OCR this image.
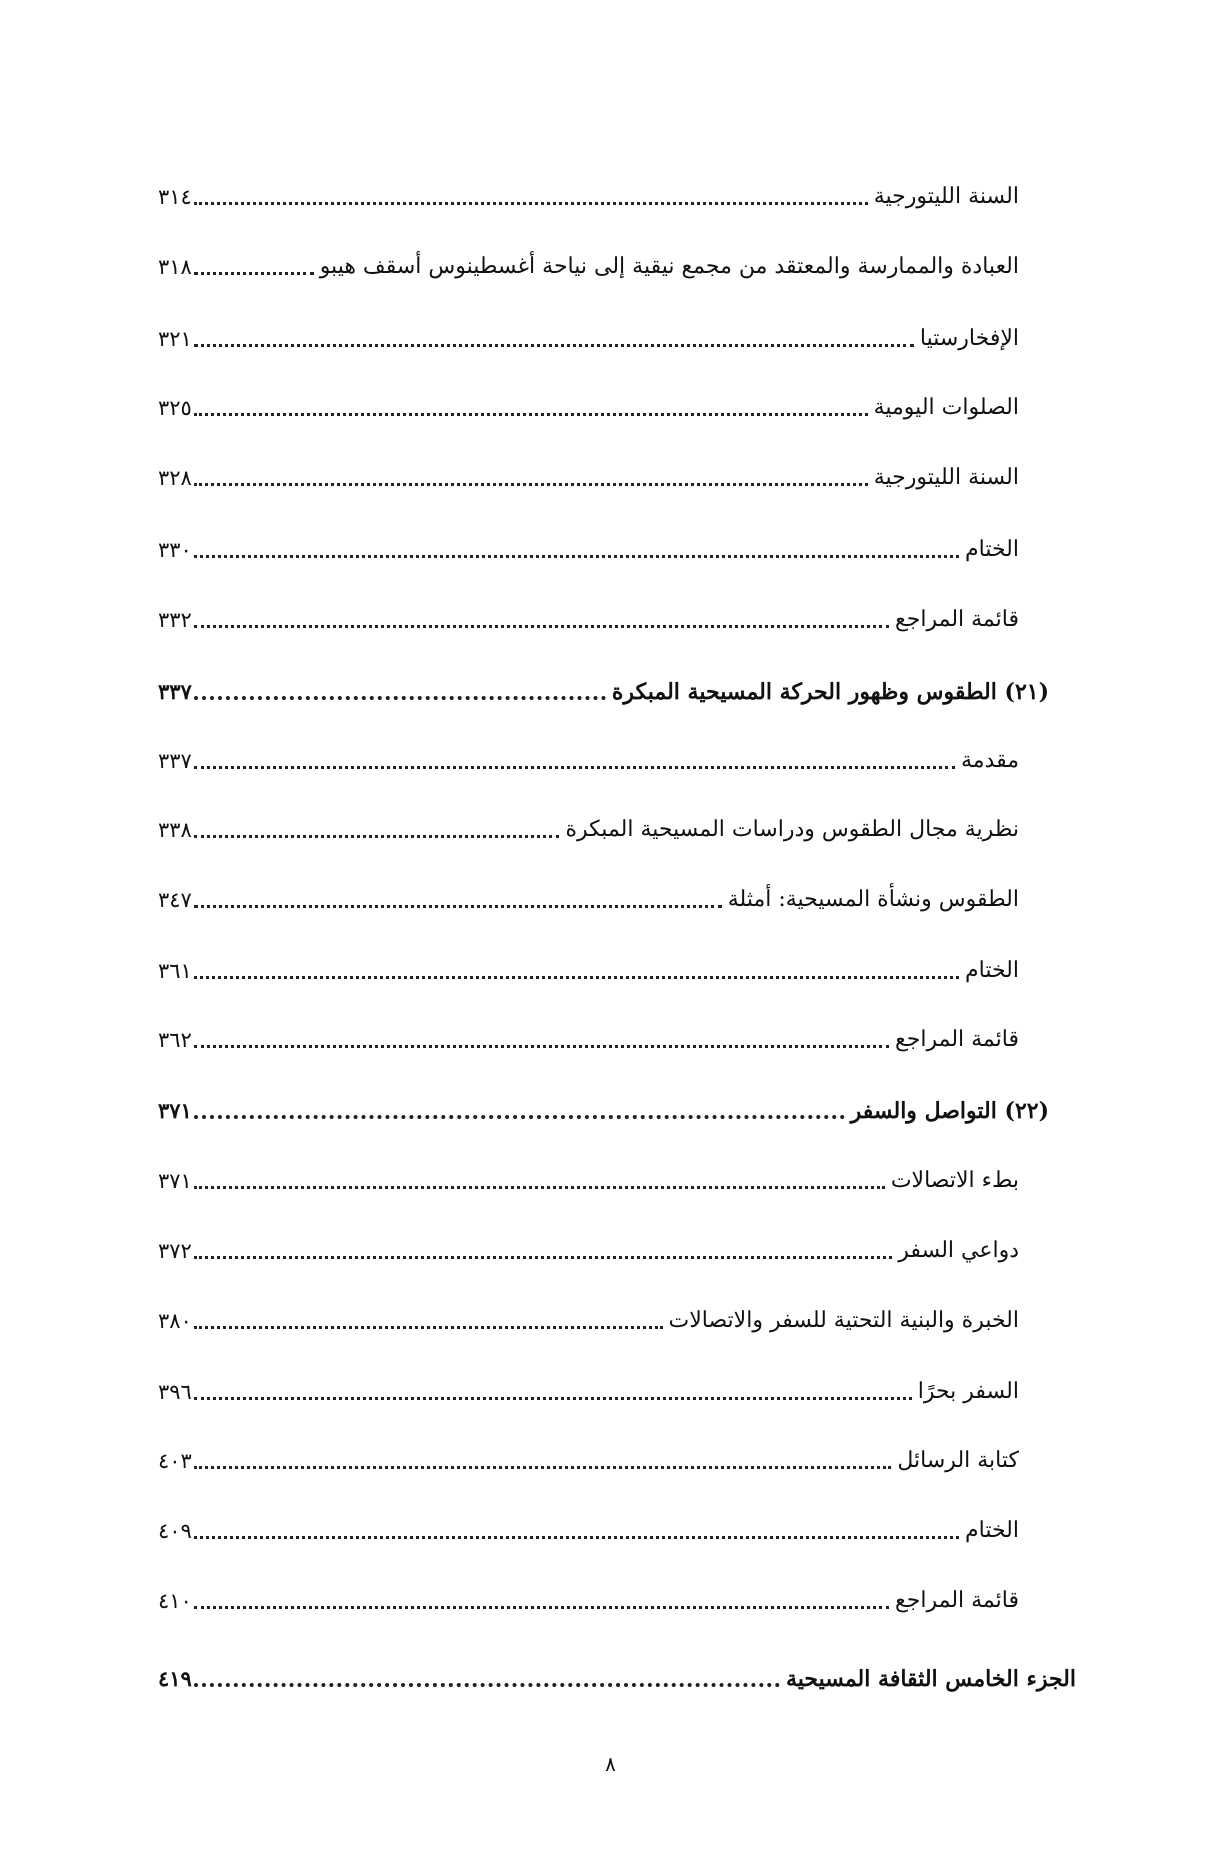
٣١٤	السنة الليتورجية
٣١٨	العبادة والممارسة والمعتقد من مجمع نيقية إلى نياحة أغسطينوس أسقف هيبو
٣٢١	الإفخارستيا
٣٢٥	الصلوات اليومية
٣٢٨	السنة الليتورجية
٣٣٠	الختام
٣٣٢	قائمة المراجع
٣٣٧	(٢١) الطقوس وظهور الحركة المسيحية المبكرة
٣٣٧	مقدمة
٣٣٨	نظرية مجال الطقوس ودراسات المسيحية المبكرة
٣٤٧	الطقوس ونشأة المسيحية: أمثلة
٣٦١	الختام
٣٦٢	قائمة المراجع
٣٧١	(٢٢) التواصل والسفر
٣٧١	بطء الاتصالات
٣٧٢	دواعي السفر
٣٨٠	الخبرة والبنية التحتية للسفر والاتصالات
٣٩٦	السفر بحرًا
٤٠٣	كتابة الرسائل
٤٠٩	الختام
٤١٠	قائمة المراجع
٤١٩	الجزء الخامس الثقافة المسيحية
٨
